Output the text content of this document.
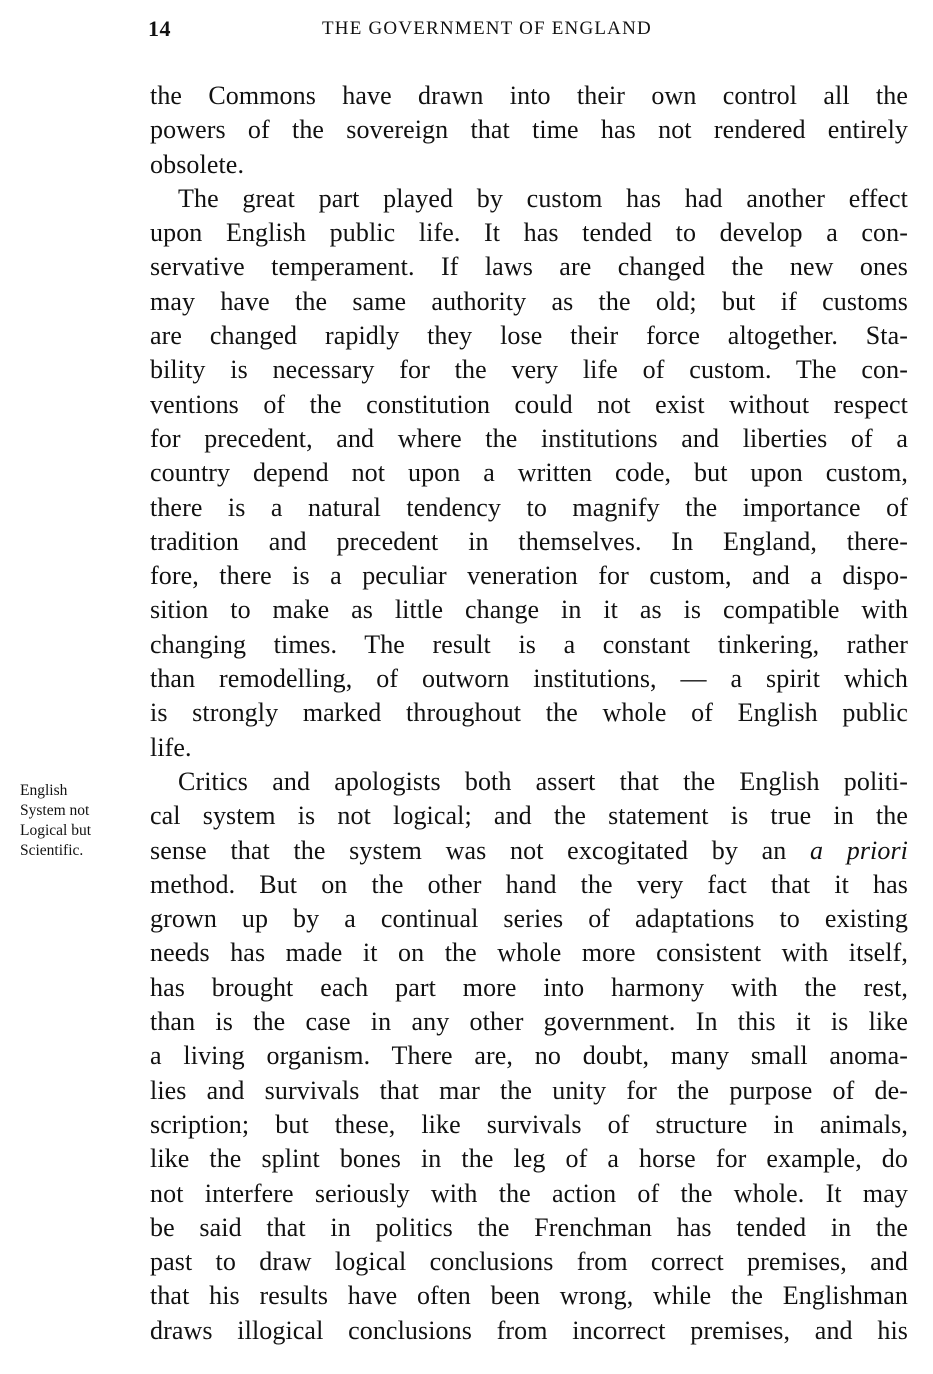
14	THE GOVERNMENT OF ENGLAND
English
System not
Logical but
Scientific.
the Commons have drawn into their own control all the
powers of the sovereign that time has not rendered entirely
obsolete.
The great part played by custom has had another effect
upon English public life. It has tended to develop a con-
servative temperament. If laws are changed the new ones
may have the same authority as the old; but if customs
are changed rapidly they lose their force altogether. Sta-
bility is necessary for the very life of custom. The con-
ventions of the constitution could not exist without respect
for precedent, and where the institutions and liberties of a
country depend not upon a written code, but upon custom,
there is a natural tendency to magnify the importance of
tradition and precedent in themselves. In England, there-
fore, there is a peculiar veneration for custom, and a dispo-
sition to make as little change in it as is compatible with
changing times. The result is a constant tinkering, rather
than remodelling, of outworn institutions, — a spirit which
is strongly marked throughout the whole of English public
life.
Critics and apologists both assert that the English politi-
cal system is not logical; and the statement is true in the
sense that the system was not excogitated by an a priori
method. But on the other hand the very fact that it has
grown up by a continual series of adaptations to existing
needs has made it on the whole more consistent with itself,
has brought each part more into harmony with the rest,
than is the case in any other government. In this it is like
a living organism. There are, no doubt, many small anoma-
lies and survivals that mar the unity for the purpose of de-
scription; but these, like survivals of structure in animals,
like the splint bones in the leg of a horse for example, do
not interfere seriously with the action of the whole. It may
be said that in politics the Frenchman has tended in the
past to draw logical conclusions from correct premises, and
that his results have often been wrong, while the Englishman
draws illogical conclusions from incorrect premises, and his
